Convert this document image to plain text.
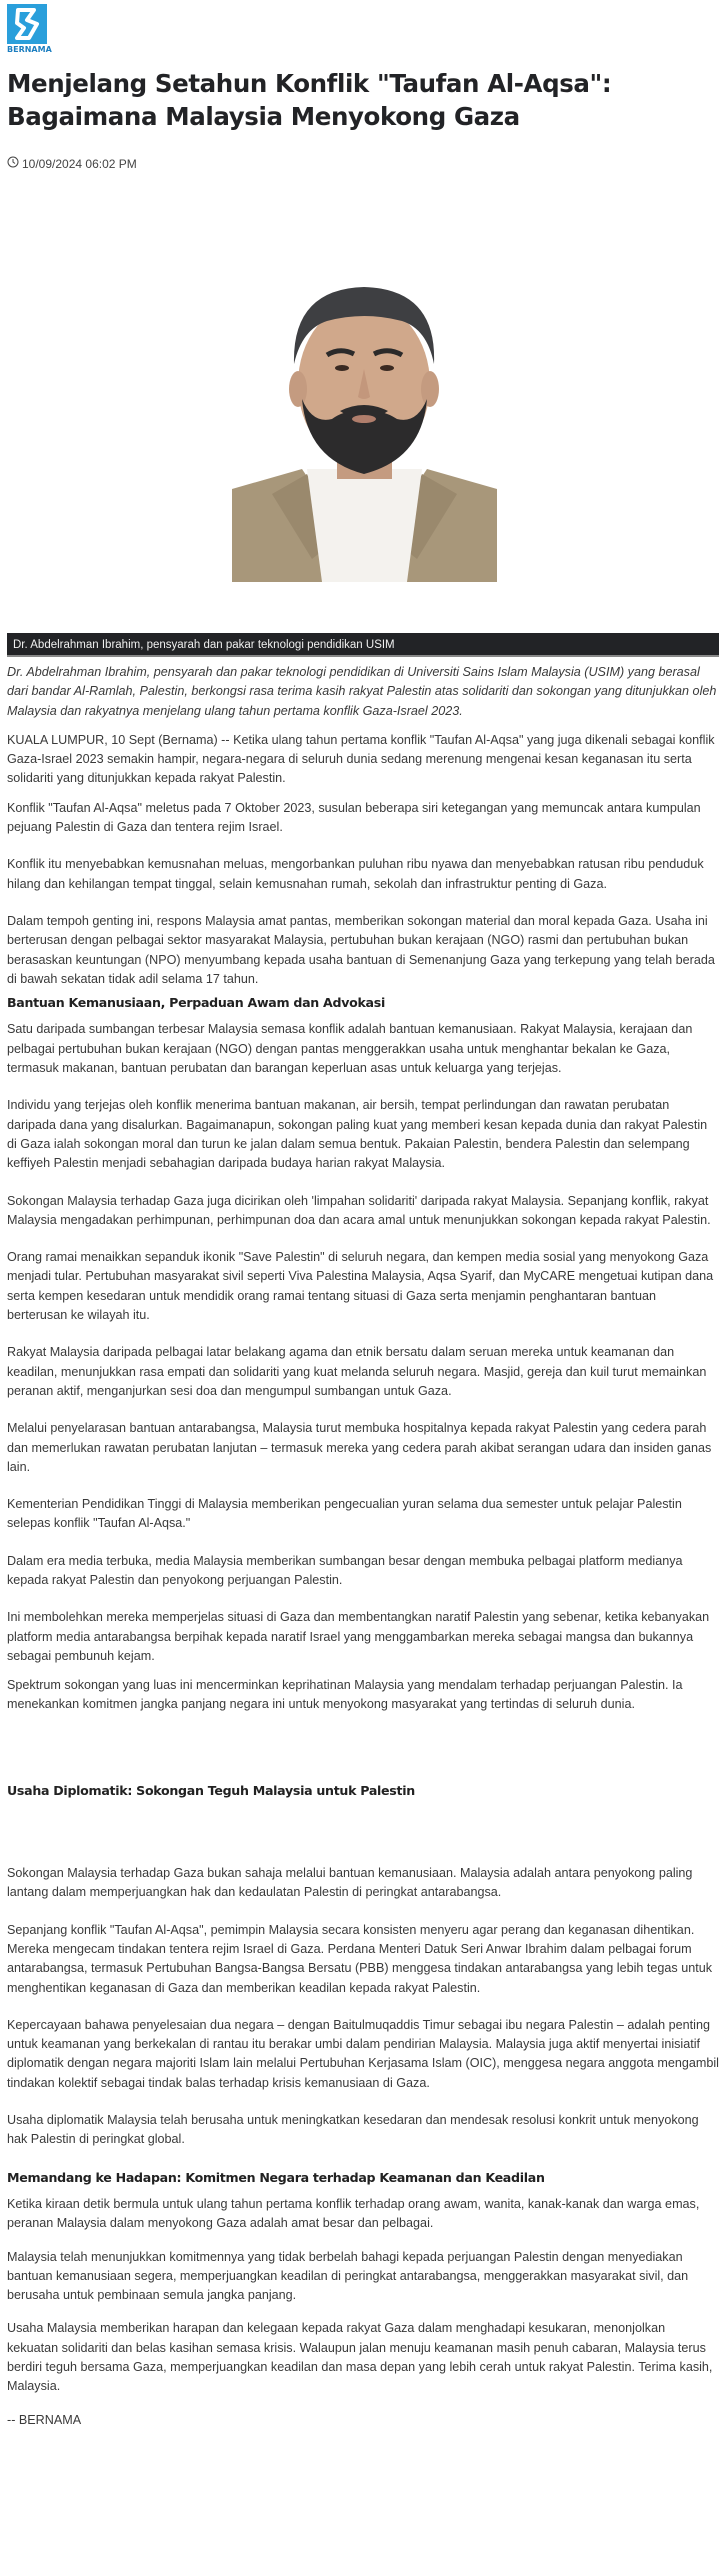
BERNAMA
Menjelang Setahun Konflik "Taufan Al-Aqsa": Bagaimana Malaysia Menyokong Gaza
10/09/2024 06:02 PM
Dr. Abdelrahman Ibrahim, pensyarah dan pakar teknologi pendidikan USIM

Dr. Abdelrahman Ibrahim, pensyarah dan pakar teknologi pendidikan di Universiti Sains Islam Malaysia (USIM) yang berasal dari bandar Al-Ramlah, Palestin, berkongsi rasa terima kasih rakyat Palestin atas solidariti dan sokongan yang ditunjukkan oleh Malaysia dan rakyatnya menjelang ulang tahun pertama konflik Gaza-Israel 2023.

KUALA LUMPUR, 10 Sept (Bernama) -- Ketika ulang tahun pertama konflik "Taufan Al-Aqsa" yang juga dikenali sebagai konflik Gaza-Israel 2023 semakin hampir, negara-negara di seluruh dunia sedang merenung mengenai kesan keganasan itu serta solidariti yang ditunjukkan kepada rakyat Palestin.

Konflik "Taufan Al-Aqsa" meletus pada 7 Oktober 2023, susulan beberapa siri ketegangan yang memuncak antara kumpulan pejuang Palestin di Gaza dan tentera rejim Israel.

Konflik itu menyebabkan kemusnahan meluas, mengorbankan puluhan ribu nyawa dan menyebabkan ratusan ribu penduduk hilang dan kehilangan tempat tinggal, selain kemusnahan rumah, sekolah dan infrastruktur penting di Gaza.

Dalam tempoh genting ini, respons Malaysia amat pantas, memberikan sokongan material dan moral kepada Gaza. Usaha ini berterusan dengan pelbagai sektor masyarakat Malaysia, pertubuhan bukan kerajaan (NGO) rasmi dan pertubuhan bukan berasaskan keuntungan (NPO) menyumbang kepada usaha bantuan di Semenanjung Gaza yang terkepung yang telah berada di bawah sekatan tidak adil selama 17 tahun.

Bantuan Kemanusiaan, Perpaduan Awam dan Advokasi

Satu daripada sumbangan terbesar Malaysia semasa konflik adalah bantuan kemanusiaan. Rakyat Malaysia, kerajaan dan pelbagai pertubuhan bukan kerajaan (NGO) dengan pantas menggerakkan usaha untuk menghantar bekalan ke Gaza, termasuk makanan, bantuan perubatan dan barangan keperluan asas untuk keluarga yang terjejas.

Individu yang terjejas oleh konflik menerima bantuan makanan, air bersih, tempat perlindungan dan rawatan perubatan daripada dana yang disalurkan. Bagaimanapun, sokongan paling kuat yang memberi kesan kepada dunia dan rakyat Palestin di Gaza ialah sokongan moral dan turun ke jalan dalam semua bentuk. Pakaian Palestin, bendera Palestin dan selempang keffiyeh Palestin menjadi sebahagian daripada budaya harian rakyat Malaysia.

Sokongan Malaysia terhadap Gaza juga dicirikan oleh 'limpahan solidariti' daripada rakyat Malaysia. Sepanjang konflik, rakyat Malaysia mengadakan perhimpunan, perhimpunan doa dan acara amal untuk menunjukkan sokongan kepada rakyat Palestin.

Orang ramai menaikkan sepanduk ikonik "Save Palestin" di seluruh negara, dan kempen media sosial yang menyokong Gaza menjadi tular. Pertubuhan masyarakat sivil seperti Viva Palestina Malaysia, Aqsa Syarif, dan MyCARE mengetuai kutipan dana serta kempen kesedaran untuk mendidik orang ramai tentang situasi di Gaza serta menjamin penghantaran bantuan berterusan ke wilayah itu.

Rakyat Malaysia daripada pelbagai latar belakang agama dan etnik bersatu dalam seruan mereka untuk keamanan dan keadilan, menunjukkan rasa empati dan solidariti yang kuat melanda seluruh negara. Masjid, gereja dan kuil turut memainkan peranan aktif, menganjurkan sesi doa dan mengumpul sumbangan untuk Gaza.

Melalui penyelarasan bantuan antarabangsa, Malaysia turut membuka hospitalnya kepada rakyat Palestin yang cedera parah dan memerlukan rawatan perubatan lanjutan – termasuk mereka yang cedera parah akibat serangan udara dan insiden ganas lain.

Kementerian Pendidikan Tinggi di Malaysia memberikan pengecualian yuran selama dua semester untuk pelajar Palestin selepas konflik "Taufan Al-Aqsa."

Dalam era media terbuka, media Malaysia memberikan sumbangan besar dengan membuka pelbagai platform medianya kepada rakyat Palestin dan penyokong perjuangan Palestin.

Ini membolehkan mereka memperjelas situasi di Gaza dan membentangkan naratif Palestin yang sebenar, ketika kebanyakan platform media antarabangsa berpihak kepada naratif Israel yang menggambarkan mereka sebagai mangsa dan bukannya sebagai pembunuh kejam.

Spektrum sokongan yang luas ini mencerminkan keprihatinan Malaysia yang mendalam terhadap perjuangan Palestin. Ia menekankan komitmen jangka panjang negara ini untuk menyokong masyarakat yang tertindas di seluruh dunia.

Usaha Diplomatik: Sokongan Teguh Malaysia untuk Palestin

Sokongan Malaysia terhadap Gaza bukan sahaja melalui bantuan kemanusiaan. Malaysia adalah antara penyokong paling lantang dalam memperjuangkan hak dan kedaulatan Palestin di peringkat antarabangsa.

Sepanjang konflik "Taufan Al-Aqsa", pemimpin Malaysia secara konsisten menyeru agar perang dan keganasan dihentikan. Mereka mengecam tindakan tentera rejim Israel di Gaza. Perdana Menteri Datuk Seri Anwar Ibrahim dalam pelbagai forum antarabangsa, termasuk Pertubuhan Bangsa-Bangsa Bersatu (PBB) menggesa tindakan antarabangsa yang lebih tegas untuk menghentikan keganasan di Gaza dan memberikan keadilan kepada rakyat Palestin.

Kepercayaan bahawa penyelesaian dua negara – dengan Baitulmuqaddis Timur sebagai ibu negara Palestin – adalah penting untuk keamanan yang berkekalan di rantau itu berakar umbi dalam pendirian Malaysia. Malaysia juga aktif menyertai inisiatif diplomatik dengan negara majoriti Islam lain melalui Pertubuhan Kerjasama Islam (OIC), menggesa negara anggota mengambil tindakan kolektif sebagai tindak balas terhadap krisis kemanusiaan di Gaza.

Usaha diplomatik Malaysia telah berusaha untuk meningkatkan kesedaran dan mendesak resolusi konkrit untuk menyokong hak Palestin di peringkat global.

Memandang ke Hadapan: Komitmen Negara terhadap Keamanan dan Keadilan

Ketika kiraan detik bermula untuk ulang tahun pertama konflik terhadap orang awam, wanita, kanak-kanak dan warga emas, peranan Malaysia dalam menyokong Gaza adalah amat besar dan pelbagai.

Malaysia telah menunjukkan komitmennya yang tidak berbelah bahagi kepada perjuangan Palestin dengan menyediakan bantuan kemanusiaan segera, memperjuangkan keadilan di peringkat antarabangsa, menggerakkan masyarakat sivil, dan berusaha untuk pembinaan semula jangka panjang.

Usaha Malaysia memberikan harapan dan kelegaan kepada rakyat Gaza dalam menghadapi kesukaran, menonjolkan kekuatan solidariti dan belas kasihan semasa krisis. Walaupun jalan menuju keamanan masih penuh cabaran, Malaysia terus berdiri teguh bersama Gaza, memperjuangkan keadilan dan masa depan yang lebih cerah untuk rakyat Palestin. Terima kasih, Malaysia.

-- BERNAMA
